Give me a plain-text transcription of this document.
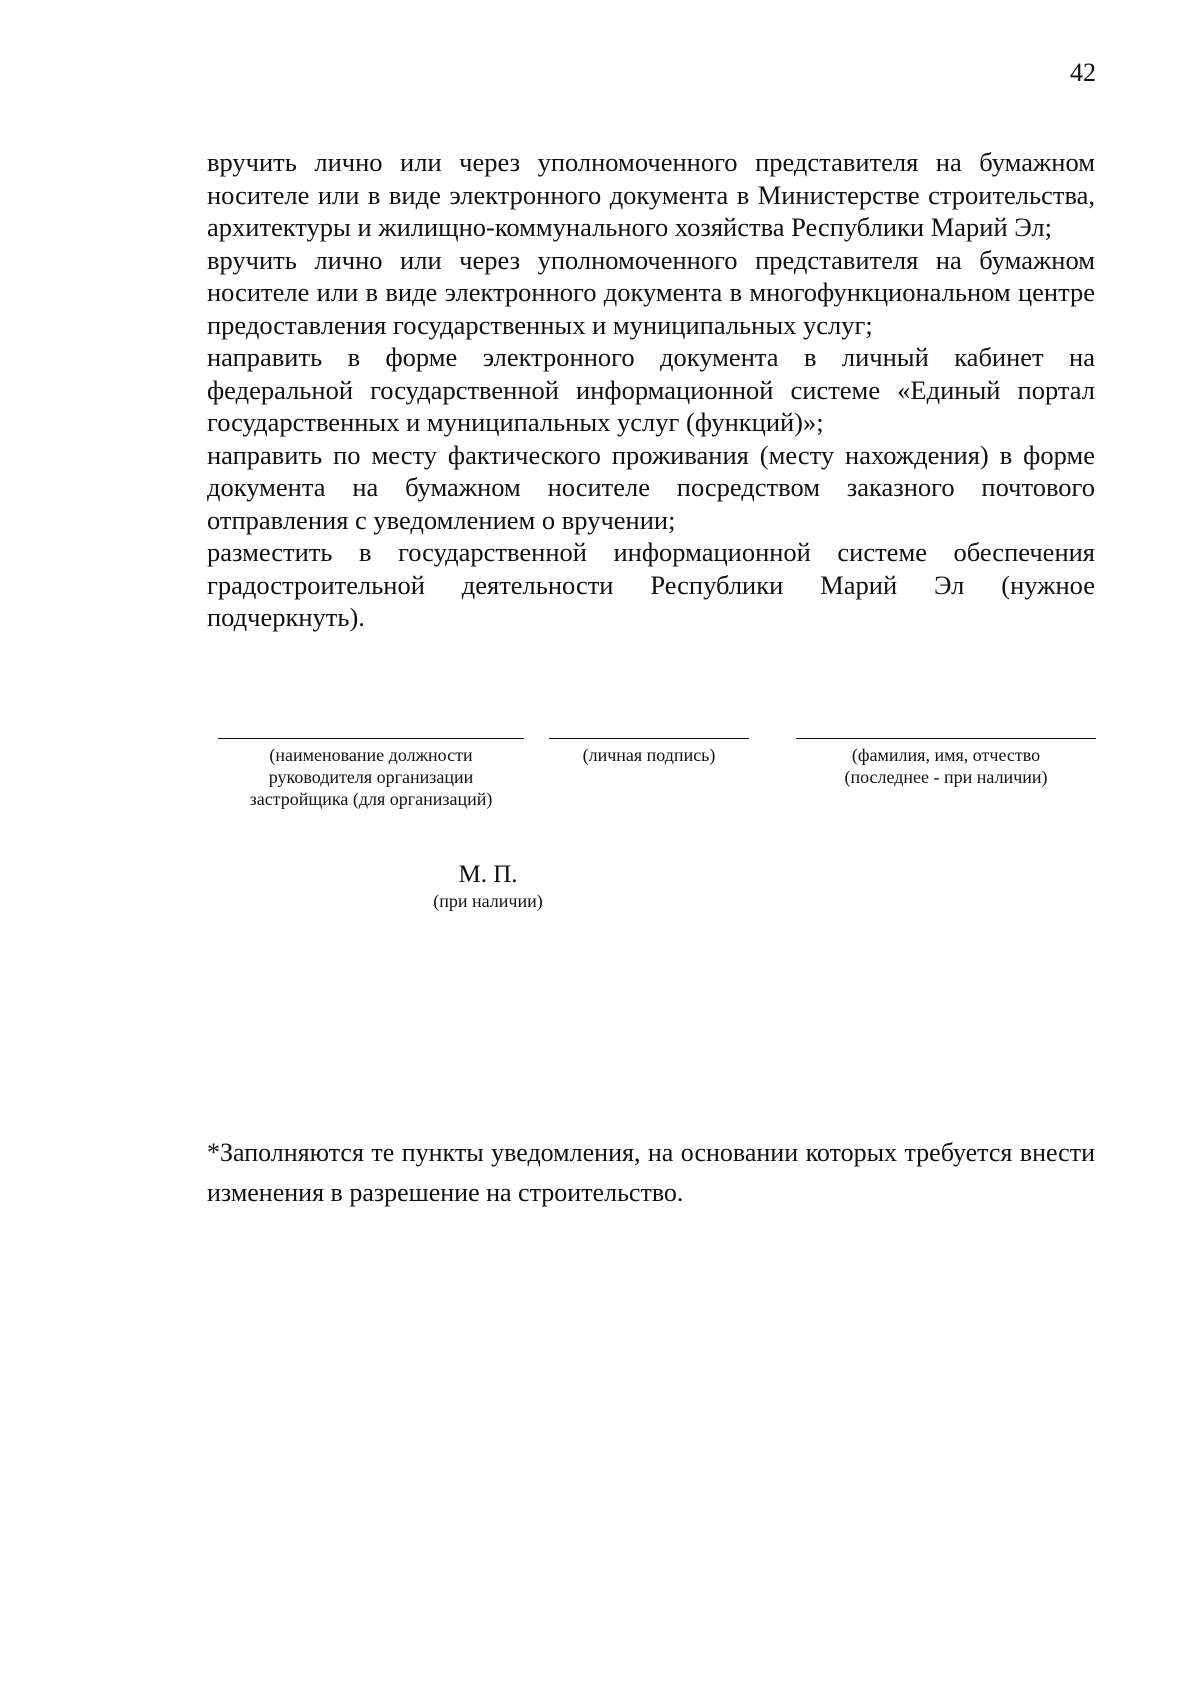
42

вручить лично или через уполномоченного представителя на бумажном носителе или в виде электронного документа в Министерстве строительства, архитектуры и жилищно-коммунального хозяйства Республики Марий Эл;

вручить лично или через уполномоченного представителя на бумажном носителе или в виде электронного документа в многофункциональном центре предоставления государственных и муниципальных услуг;

направить в форме электронного документа в личный кабинет на федеральной государственной информационной системе «Единый портал государственных и муниципальных услуг (функций)»;

направить по месту фактического проживания (месту нахождения) в форме документа на бумажном носителе посредством заказного почтового отправления с уведомлением о вручении;

разместить в государственной информационной системе обеспечения градостроительной деятельности Республики Марий Эл (нужное подчеркнуть).

(наименование должности руководителя организации застройщика (для организаций)
(личная подпись)	(фамилия, имя, отчество (последнее - при наличии)
М. П.
(при наличии)
*Заполняются те пункты уведомления, на основании которых требуется внести изменения в разрешение на строительство.
